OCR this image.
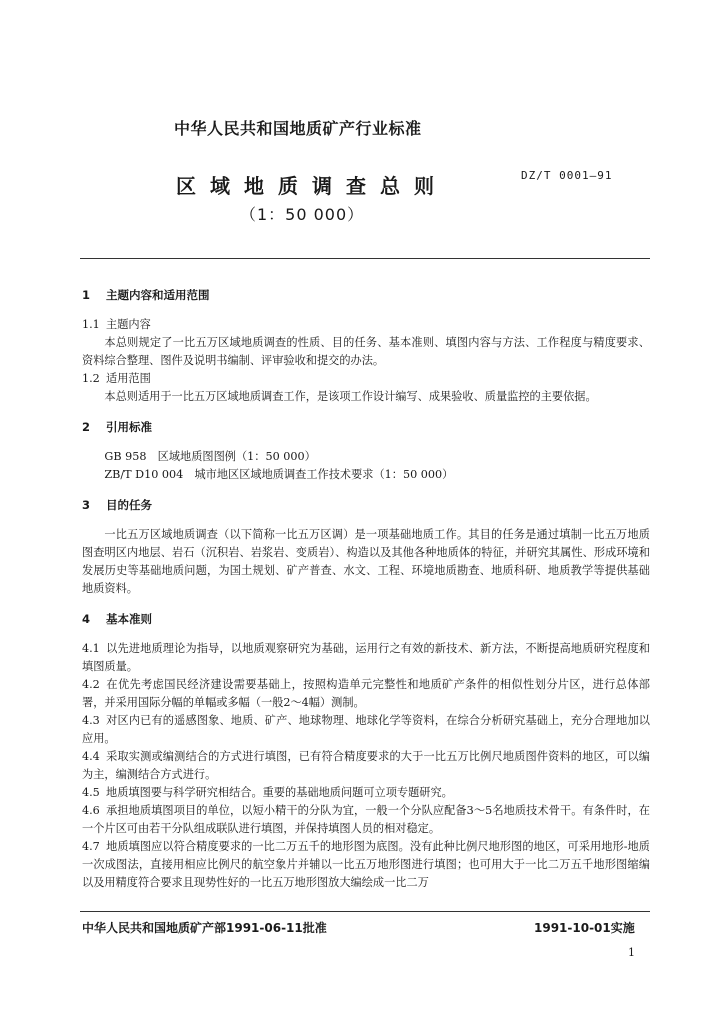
中华人民共和国地质矿产行业标准
区域地质调查总则	DZ/T 0001—91
（1：50 000）

1 主题内容和适用范围

1.1 主题内容

本总则规定了一比五万区域地质调查的性质、目的任务、基本准则、填图内容与方法、工作程度与精度要求、资料综合整理、图件及说明书编制、评审验收和提交的办法。

1.2 适用范围

本总则适用于一比五万区域地质调查工作，是该项工作设计编写、成果验收、质量监控的主要依据。

2 引用标准

GB 958　区域地质图图例（1：50 000）

ZB/T D10 004　城市地区区域地质调查工作技术要求（1：50 000）

3 目的任务

一比五万区域地质调查（以下简称一比五万区调）是一项基础地质工作。其目的任务是通过填制一比五万地质图查明区内地层、岩石（沉积岩、岩浆岩、变质岩）、构造以及其他各种地质体的特征，并研究其属性、形成环境和发展历史等基础地质问题，为国土规划、矿产普查、水文、工程、环境地质勘查、地质科研、地质教学等提供基础地质资料。

4 基本准则

4.1 以先进地质理论为指导，以地质观察研究为基础，运用行之有效的新技术、新方法，不断提高地质研究程度和填图质量。

4.2 在优先考虑国民经济建设需要基础上，按照构造单元完整性和地质矿产条件的相似性划分片区，进行总体部署，并采用国际分幅的单幅或多幅（一般2～4幅）测制。

4.3 对区内已有的遥感图象、地质、矿产、地球物理、地球化学等资料，在综合分析研究基础上，充分合理地加以应用。

4.4 采取实测或编测结合的方式进行填图，已有符合精度要求的大于一比五万比例尺地质图件资料的地区，可以编为主，编测结合方式进行。

4.5 地质填图要与科学研究相结合。重要的基础地质问题可立项专题研究。

4.6 承担地质填图项目的单位，以短小精干的分队为宜，一般一个分队应配备3～5名地质技术骨干。有条件时，在一个片区可由若干分队组成联队进行填图，并保持填图人员的相对稳定。

4.7 地质填图应以符合精度要求的一比二万五千的地形图为底图。没有此种比例尺地形图的地区，可采用地形-地质一次成图法，直接用相应比例尺的航空象片并辅以一比五万地形图进行填图；也可用大于一比二万五千地形图缩编以及用精度符合要求且现势性好的一比五万地形图放大编绘成一比二万

中华人民共和国地质矿产部1991-06-11批准	1991-10-01实施
1
